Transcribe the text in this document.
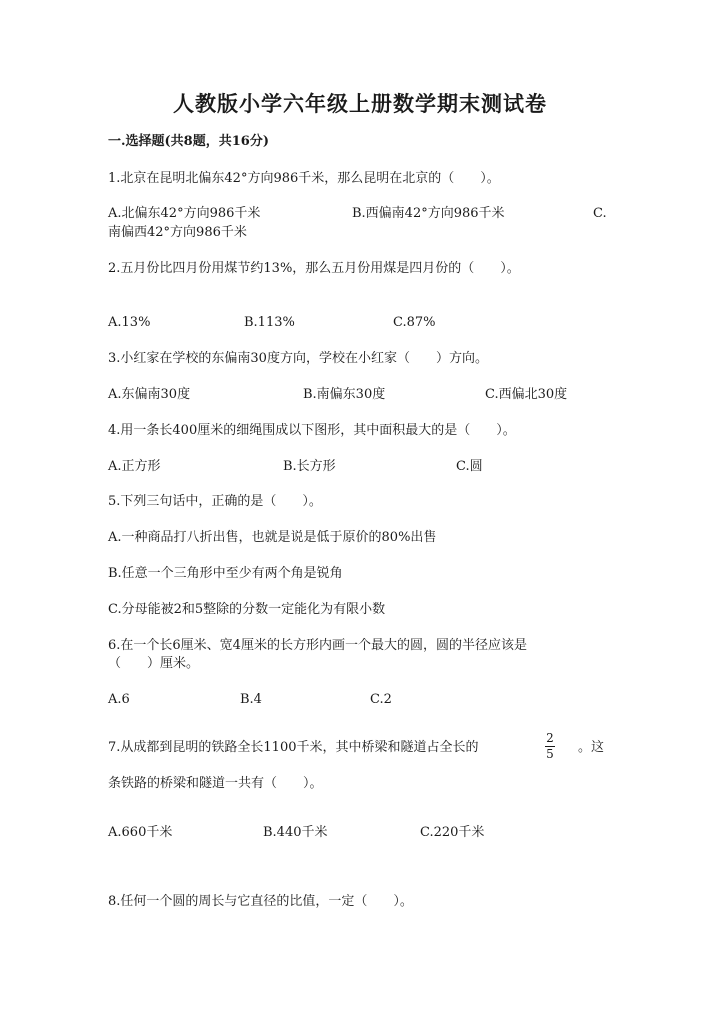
人教版小学六年级上册数学期末测试卷
一.选择题(共8题，共16分)
1.北京在昆明北偏东42°方向986千米，那么昆明在北京的（　　）。
A.北偏东42°方向986千米	B.西偏南42°方向986千米	C.
南偏西42°方向986千米
2.五月份比四月份用煤节约13%，那么五月份用煤是四月份的（　　）。
A.13%	B.113%	C.87%
3.小红家在学校的东偏南30度方向，学校在小红家（　　）方向。
A.东偏南30度	B.南偏东30度	C.西偏北30度
4.用一条长400厘米的细绳围成以下图形，其中面积最大的是（　　）。
A.正方形	B.长方形	C.圆
5.下列三句话中，正确的是（　　）。
A.一种商品打八折出售，也就是说是低于原价的80%出售
B.任意一个三角形中至少有两个角是锐角
C.分母能被2和5整除的分数一定能化为有限小数
6.在一个长6厘米、宽4厘米的长方形内画一个最大的圆，圆的半径应该是
（　　）厘米。
A.6	B.4	C.2
7.从成都到昆明的铁路全长1100千米，其中桥梁和隧道占全长的
2
5 。这
条铁路的桥梁和隧道一共有（　　）。
A.660千米	B.440千米	C.220千米
8.任何一个圆的周长与它直径的比值，一定（　　）。
